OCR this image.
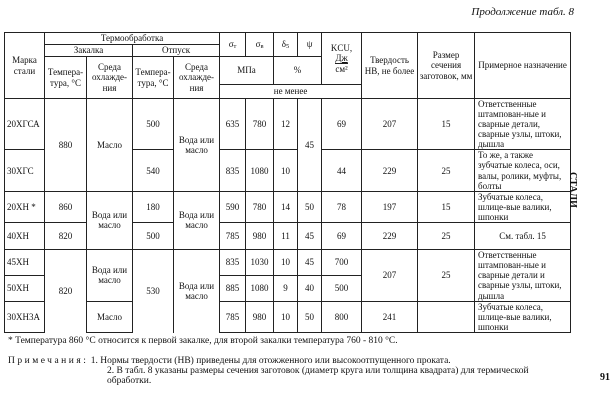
Продолжение табл. 8
Марка стали	Термообработка				σт	σв	δ5	ψ	KCU,
Дж
см²	Твердость НВ, не более	Размер сечения заготовок, мм	Примерное назначение
	Закалка		Отпуск									
	Темпера-тура, °С	Среда охлажде-ния	Темпера-тура, °С	Среда охлажде-ния	МПа		%					
					не менее							
20ХГСА	880	Масло	500	Вода или масло	635	780	12	45	69	207	15	Ответственные штампован-ные и сварные детали, сварные узлы, штоки, дышла
30ХГС			540		835	1080	10		44	229	25	То же, а также зубчатые колеса, оси, валы, ролики, муфты, болты
20ХН *	860	Вода или масло	180	Вода или масло	590	780	14	50	78	197	15	Зубчатые колеса, шлице-вые валики, шпонки
40ХН	820		500		785	980	11	45	69	229	25	См. табл. 15
45ХН	820	Вода или масло	530	Вода или масло	835	1030	10	45	700	207	25	Ответственные штампован-ные и сварные детали и сварные узлы, штоки, дышла
50ХН					885	1080	9	40	500			
30ХН3А		Масло			785	980	10	50	800	241		Зубчатые колеса, шлице-вые валики, шпонки
* Температура 860 °С относится к первой закалке, для второй закалки температура 760 - 810 °С.
Примечания: 1. Нормы твердости (НВ) приведены для отожженного или высокоотпущенного проката.
2. В табл. 8 указаны размеры сечения заготовок (диаметр круга или толщина квадрата) для термической обработки.
СТАЛИ
91
